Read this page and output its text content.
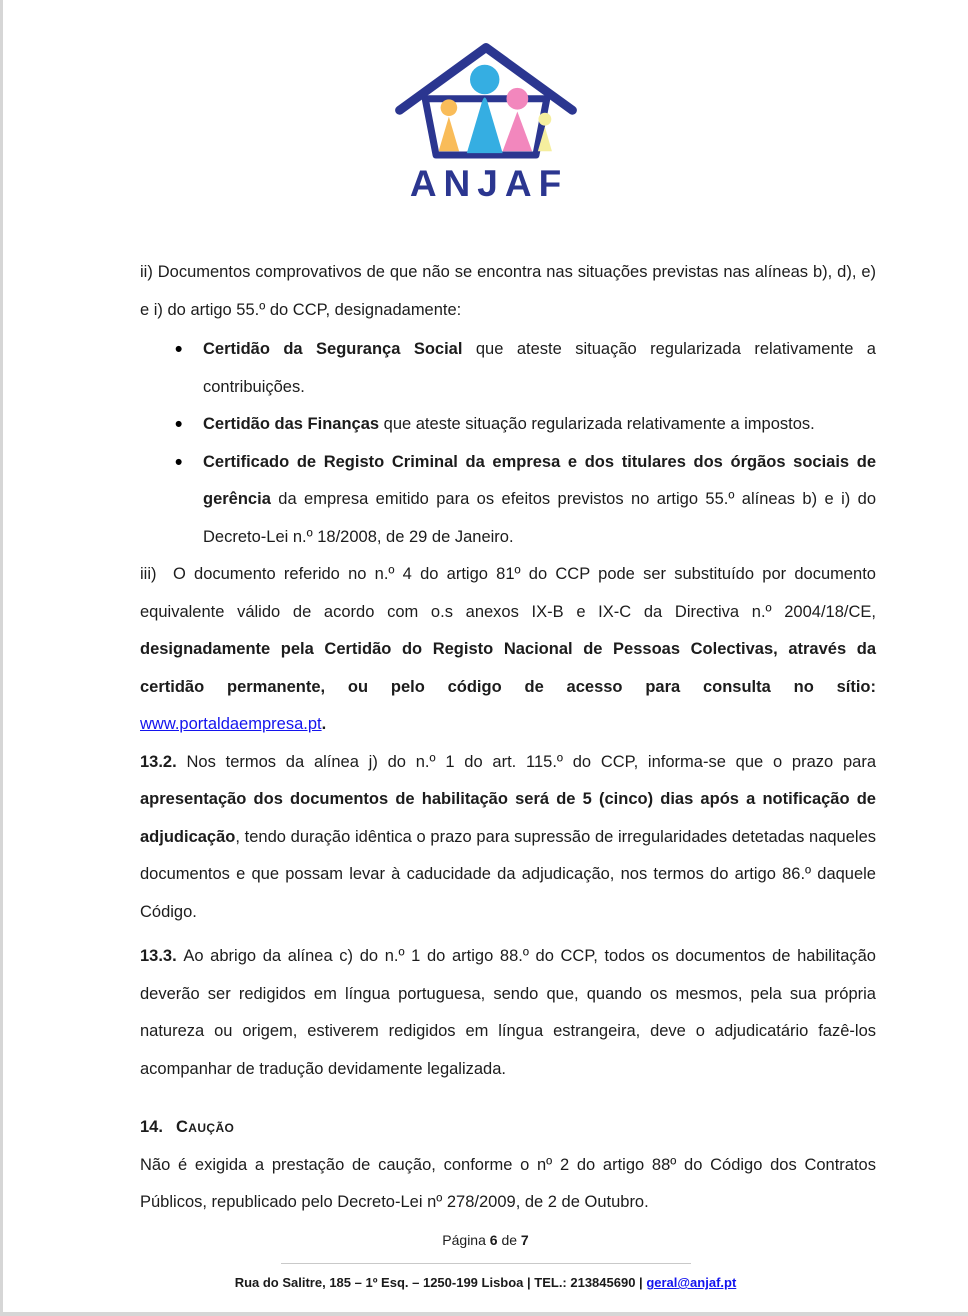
ANJAF

ii) Documentos comprovativos de que não se encontra nas situações previstas nas alíneas b), d), e) e i) do artigo 55.º do CCP, designadamente:

• Certidão da Segurança Social que ateste situação regularizada relativamente a contribuições.
• Certidão das Finanças que ateste situação regularizada relativamente a impostos.
• Certificado de Registo Criminal da empresa e dos titulares dos órgãos sociais de gerência da empresa emitido para os efeitos previstos no artigo 55.º alíneas b) e i) do Decreto-Lei n.º 18/2008, de 29 de Janeiro.

iii)  O documento referido no n.º 4 do artigo 81º do CCP pode ser substituído por documento equivalente válido de acordo com o.s anexos IX-B e IX-C da Directiva n.º 2004/18/CE, designadamente pela Certidão do Registo Nacional de Pessoas Colectivas, através da certidão permanente, ou pelo código de acesso para consulta no sítio: www.portaldaempresa.pt.

13.2. Nos termos da alínea j) do n.º 1 do art. 115.º do CCP, informa-se que o prazo para apresentação dos documentos de habilitação será de 5 (cinco) dias após a notificação de adjudicação, tendo duração idêntica o prazo para supressão de irregularidades detetadas naqueles documentos e que possam levar à caducidade da adjudicação, nos termos do artigo 86.º daquele Código.

13.3. Ao abrigo da alínea c) do n.º 1 do artigo 88.º do CCP, todos os documentos de habilitação deverão ser redigidos em língua portuguesa, sendo que, quando os mesmos, pela sua própria natureza ou origem, estiverem redigidos em língua estrangeira, deve o adjudicatário fazê-los acompanhar de tradução devidamente legalizada.

14. Caução

Não é exigida a prestação de caução, conforme o nº 2 do artigo 88º do Código dos Contratos Públicos, republicado pelo Decreto-Lei nº 278/2009, de 2 de Outubro.

Página 6 de 7
Rua do Salitre, 185 – 1º Esq. – 1250-199 Lisboa | TEL.: 213845690 | geral@anjaf.pt
